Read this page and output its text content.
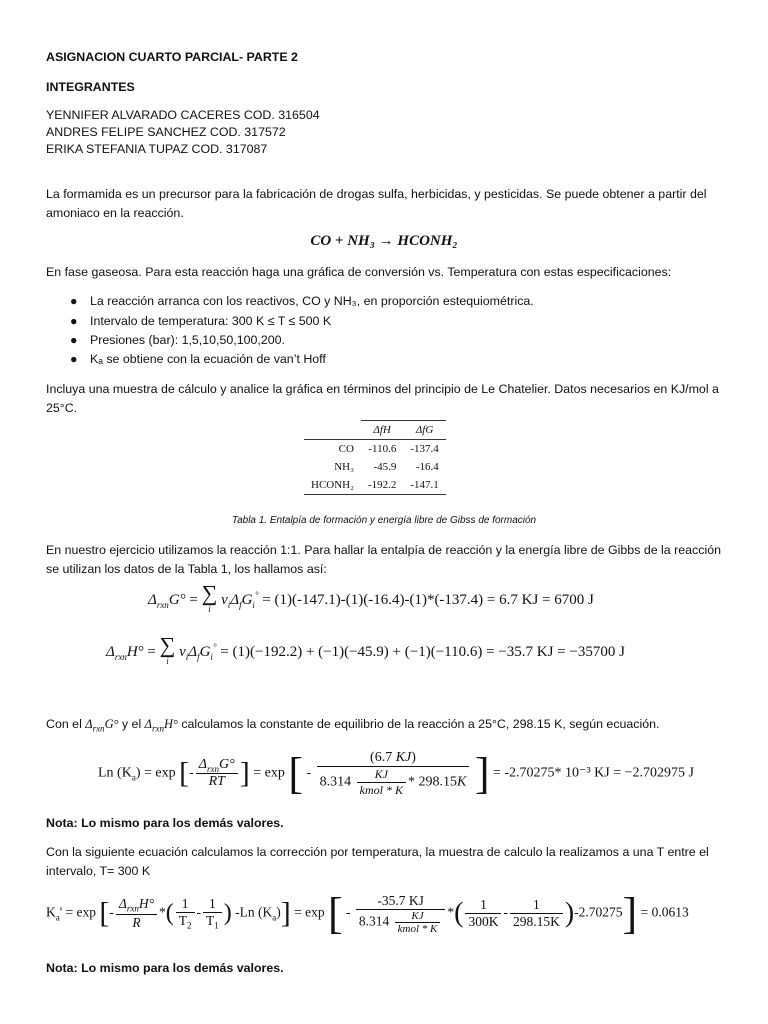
ASIGNACION CUARTO PARCIAL- PARTE 2
INTEGRANTES
YENNIFER ALVARADO CACERES COD. 316504
ANDRES FELIPE SANCHEZ COD. 317572
ERIKA STEFANIA TUPAZ COD. 317087
La formamida es un precursor para la fabricación de drogas sulfa, herbicidas, y pesticidas. Se puede obtener a partir del
amoniaco en la reacción.
CO + NH₃ → HCONH₂
En fase gaseosa. Para esta reacción haga una gráfica de conversión vs. Temperatura con estas especificaciones:
● La reacción arranca con los reactivos, CO y NH₃, en proporción estequiométrica.
● Intervalo de temperatura: 300 K ≤ T ≤ 500 K
● Presiones (bar): 1,5,10,50,100,200.
● Kₐ se obtiene con la ecuación de van’t Hoff
Incluya una muestra de cálculo y analice la gráfica en términos del principio de Le Chatelier. Datos necesarios en KJ/mol a
25°C.
	ΔfH	ΔfG
CO	-110.6	-137.4
NH₃	-45.9	-16.4
HCONH₂	-192.2	-147.1
Tabla 1. Entalpía de formación y energía libre de Gibss de formación
En nuestro ejercicio utilizamos la reacción 1:1. Para hallar la entalpía de reacción y la energía libre de Gibbs de la reacción
se utilizan los datos de la Tabla 1, los hallamos así:
$\Delta_{rxn}G^\circ$ = ∑
i $\nu_i\Delta_fG_i^\circ = (1)(-147.1)-(1)(-16.4)-(1)*(-137.4) = 6.7$ KJ = 6700 J
$\Delta_{rxn}H^\circ$ = ∑
i $\nu_i\Delta_fG_i^\circ = (1)(-192.2) + (-1)(-45.9) + (-1)(-110.6) = -35.7$ KJ = −35700 J
Con el $\Delta_{rxn}G^\circ$ y el $\Delta_{rxn}H^\circ$ calculamos la constante de equilibrio de la reacción a 25°C, 298.15 K, según ecuación.
Ln $(K_a) = \exp$ [- $\frac{\Delta_{rxn}G^\circ}{RT}$ ] = exp [ - $\frac{(6.7 KJ)}{8.314 \frac{KJ}{\text{kmol * K}} * 298.15K}$ ] = -2.70275* 10⁻³ KJ = −2.702975 J
Nota: Lo mismo para los demás valores.
Con la siguiente ecuación calculamos la corrección por temperatura, la muestra de calculo la realizamos a una T entre el
intervalo, T= 300 K
$K_a' = \exp$ [- $\frac{\Delta_{rxn}H^\circ}{R}$ *( $\frac{1}{T_2} - \frac{1}{T_1}$ ) -Ln $(K_a)] = \exp$ [ - $\frac{-35.7 KJ}{8.314 \frac{KJ}{\text{kmol * K}}}$ *( $\frac{1}{300K} - \frac{1}{298.15K} )-2.70275] = 0.0613$
Nota: Lo mismo para los demás valores.
